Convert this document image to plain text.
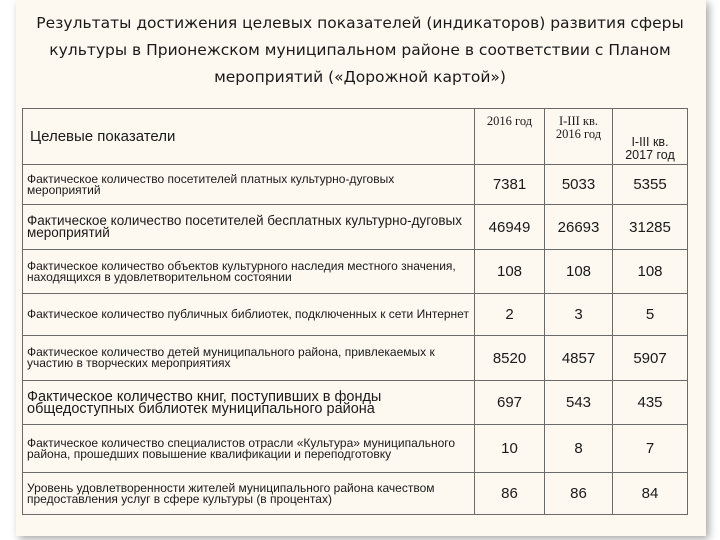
Результаты достижения целевых показателей (индикаторов) развития сферы культуры в Прионежском муниципальном районе в соответствии с Планом мероприятий («Дорожной картой»)
Целевые показатели	2016 год	I-III кв. 2016 год	I-III кв. 2017 год
Фактическое количество посетителей платных культурно-дуговых мероприятий	7381	5033	5355
Фактическое количество посетителей бесплатных культурно-дуговых мероприятий	46949	26693	31285
Фактическое количество объектов культурного наследия местного значения, находящихся в удовлетворительном состоянии	108	108	108
Фактическое количество публичных библиотек, подключенных к сети Интернет	2	3	5
Фактическое количество детей муниципального района, привлекаемых к участию в творческих мероприятиях	8520	4857	5907
Фактическое количество книг, поступивших в фонды общедоступных библиотек муниципального района	697	543	435
Фактическое количество специалистов отрасли «Культура» муниципального района, прошедших повышение квалификации и переподготовку	10	8	7
Уровень удовлетворенности жителей муниципального района качеством предоставления услуг в сфере культуры (в процентах)	86	86	84
